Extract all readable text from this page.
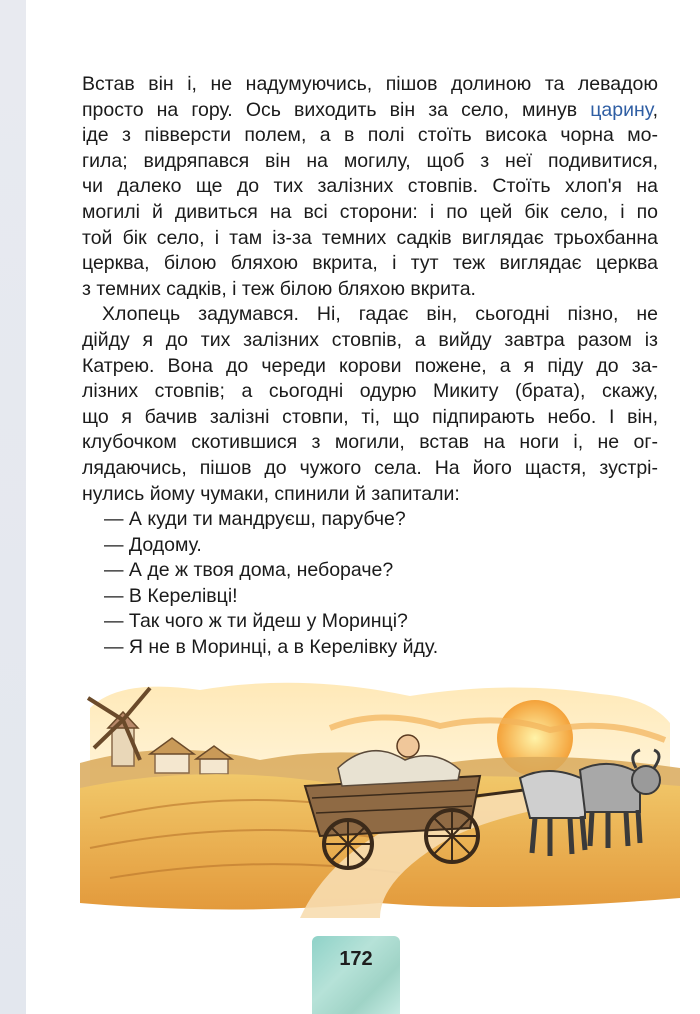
Встав він і, не надумуючись, пішов долиною та левадою
просто на гору. Ось виходить він за село, минув царину,
іде з півверсти полем, а в полі стоїть висока чорна мо-
гила; видряпався він на могилу, щоб з неї подивитися,
чи далеко ще до тих залізних стовпів. Стоїть хлоп'я на
могилі й дивиться на всі сторони: і по цей бік село, і по
той бік село, і там із-за темних садків виглядає трьохбанна
церква, білою бляхою вкрита, і тут теж виглядає церква
з темних садків, і теж білою бляхою вкрита.
Хлопець задумався. Ні, гадає він, сьогодні пізно, не
дійду я до тих залізних стовпів, а вийду завтра разом із
Катрею. Вона до череди корови пожене, а я піду до за-
лізних стовпів; а сьогодні одурю Микиту (брата), скажу,
що я бачив залізні стовпи, ті, що підпирають небо. І він,
клубочком скотившися з могили, встав на ноги і, не ог-
лядаючись, пішов до чужого села. На його щастя, зустрі-
нулись йому чумаки, спинили й запитали:
— А куди ти мандруєш, парубче?
— Додому.
— А де ж твоя дома, небораче?
— В Керелівці!
— Так чого ж ти йдеш у Моринці?
— Я не в Моринці, а в Керелівку йду.
172
